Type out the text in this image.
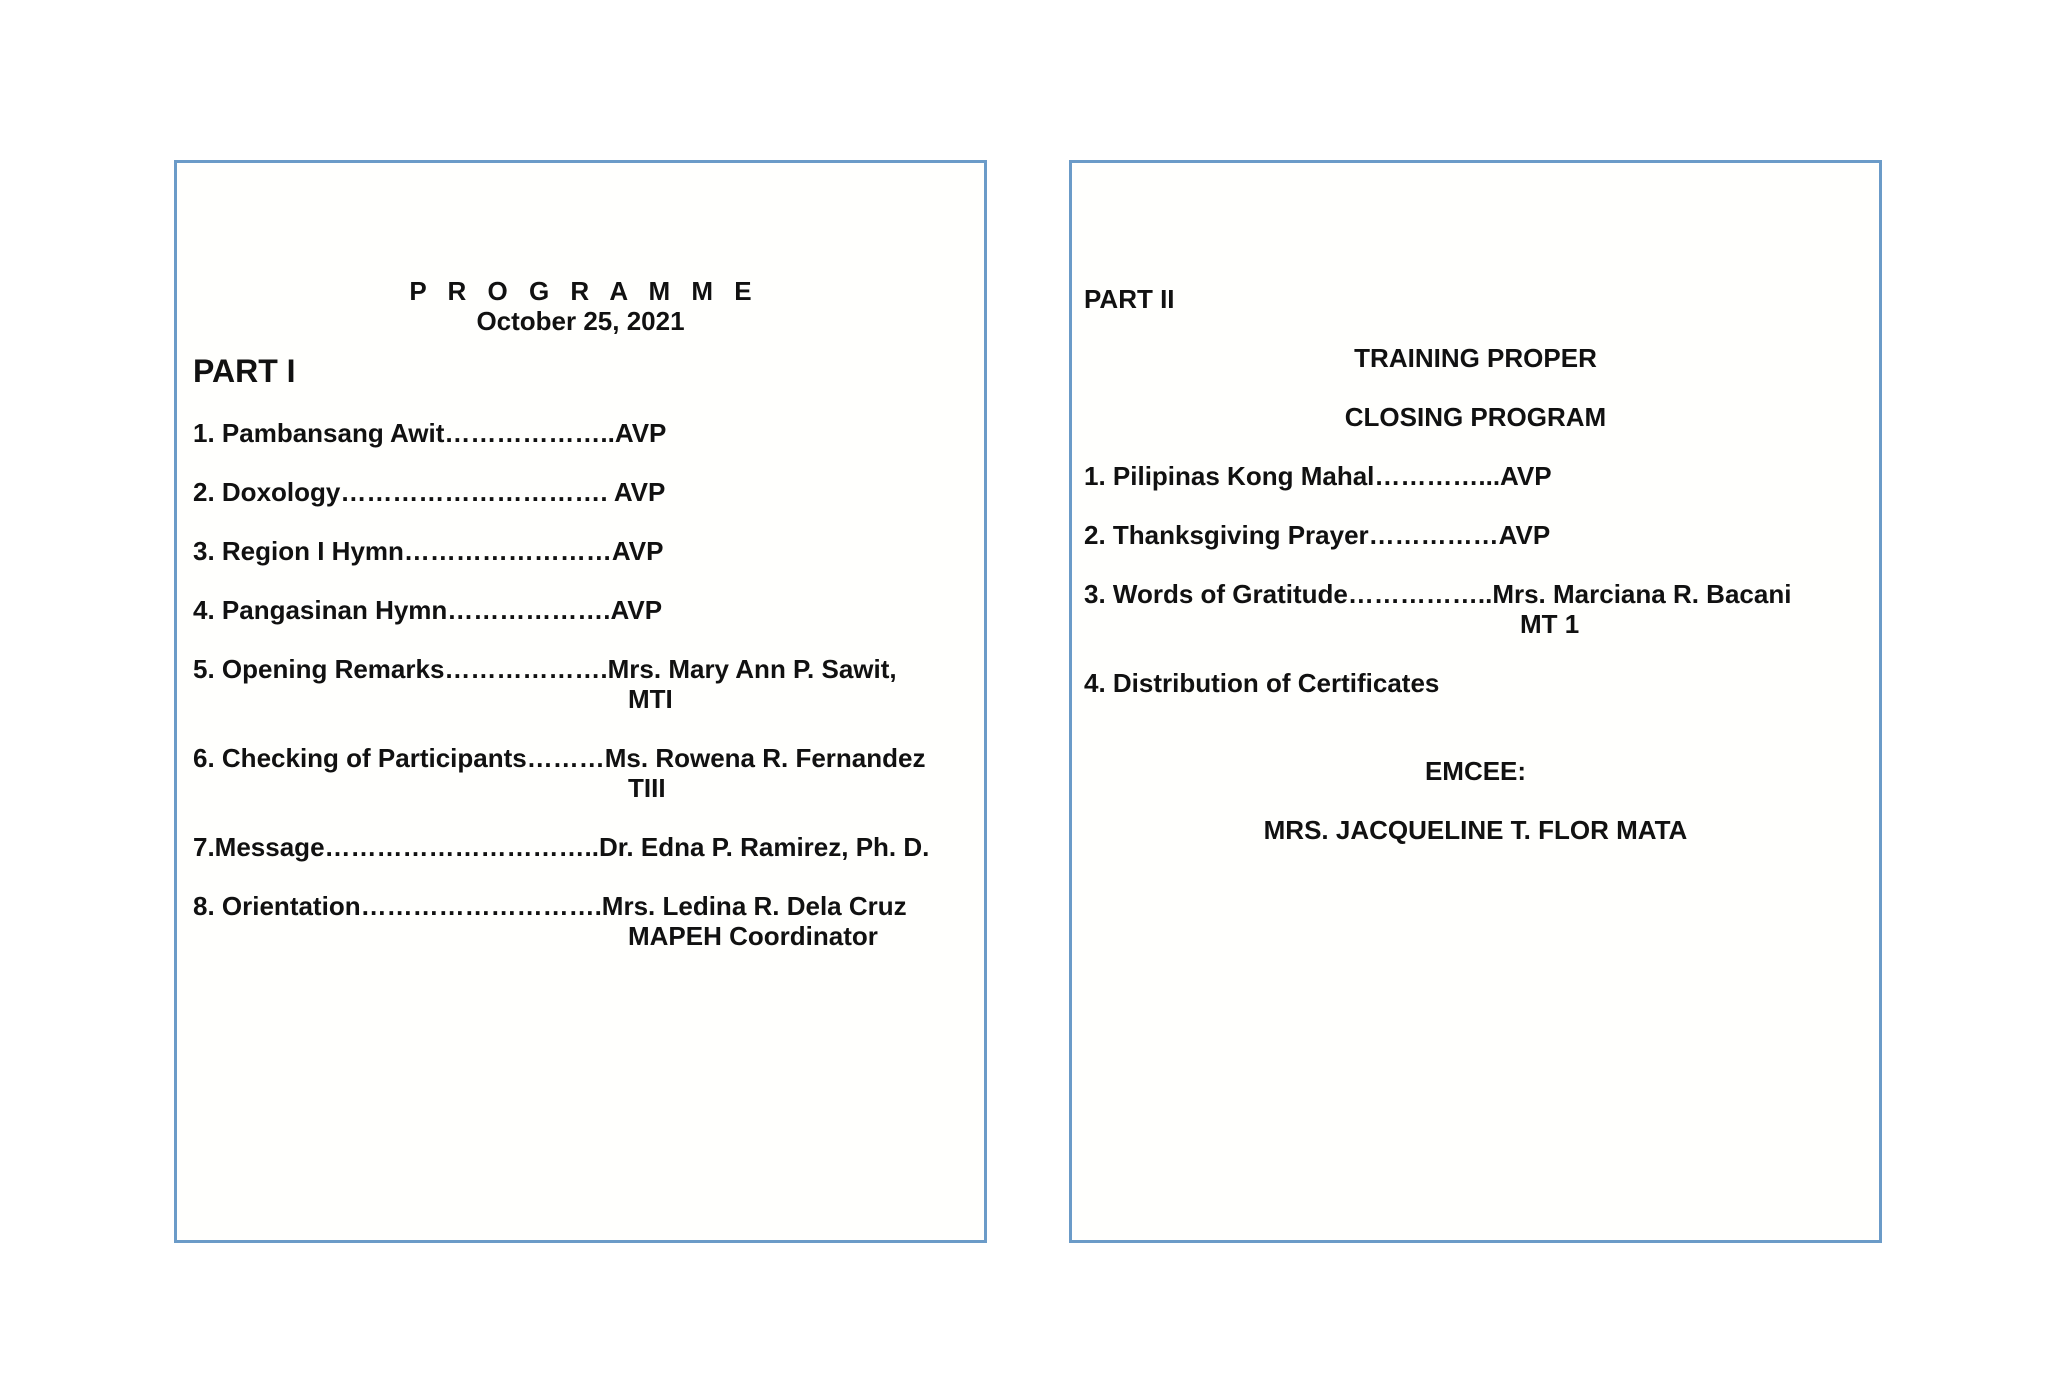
P R O G R A M M E
October 25, 2021
PART I
1. Pambansang Awit………………..AVP
2. Doxology…………………………. AVP
3. Region I Hymn……………………AVP
4. Pangasinan Hymn……………….AVP
5. Opening Remarks……………….Mrs. Mary Ann P. Sawit,
MTI
6. Checking of Participants………Ms. Rowena R. Fernandez
TIII
7.Message…………………………..Dr. Edna P. Ramirez, Ph. D.
8. Orientation……………………….Mrs. Ledina R. Dela Cruz
MAPEH Coordinator
PART II
TRAINING PROPER
CLOSING PROGRAM
1. Pilipinas Kong Mahal…………...AVP
2. Thanksgiving Prayer……………AVP
3. Words of Gratitude……………..Mrs. Marciana R. Bacani
MT 1
4. Distribution of Certificates
EMCEE:
MRS. JACQUELINE T. FLOR MATA
